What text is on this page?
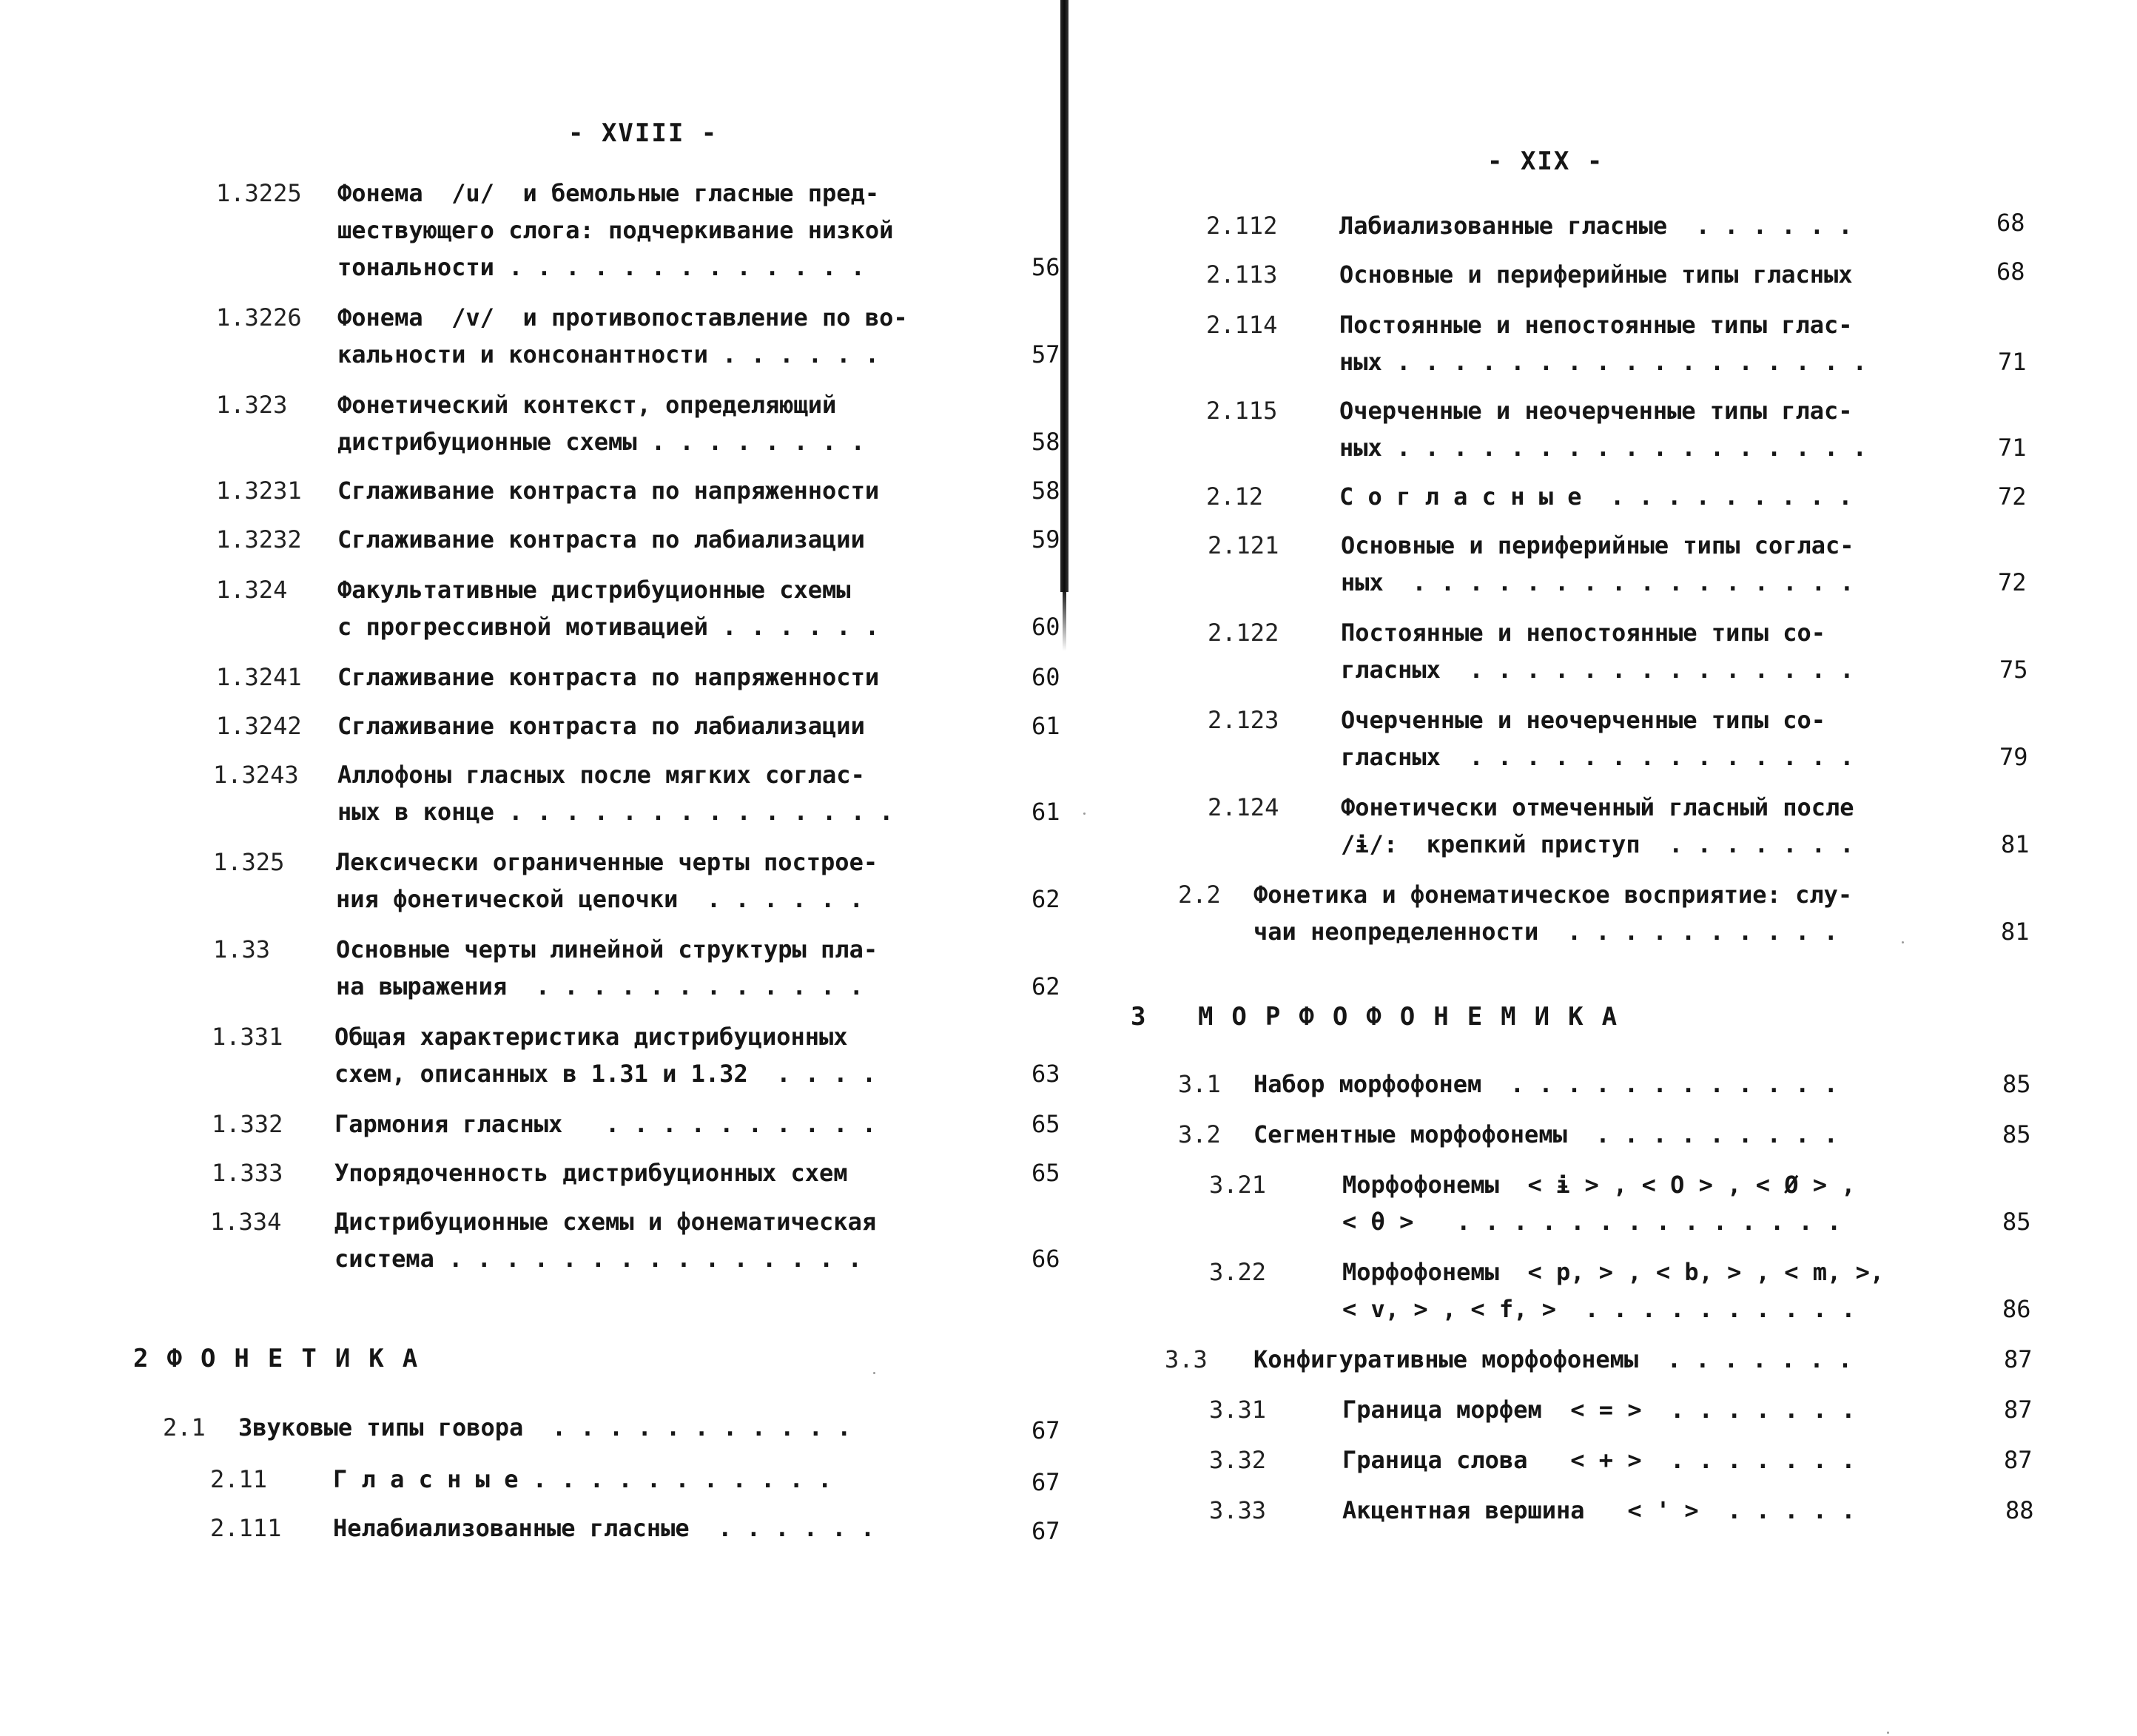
- XVIII -
1.3225 Фонема  /u/  и бемольные гласные пред-
шествующего слога: подчеркивание низкой
тональности . . . . . . . . . . . . .	56
1.3226 Фонема  /v/  и противопоставление по во-
кальности и консонантности . . . . . .	57
1.323 Фонетический контекст, определяющий
дистрибуционные схемы . . . . . . . .	58
1.3231 Сглаживание контраста по напряженности	58
1.3232 Сглаживание контраста по лабиализации	59
1.324 Факультативные дистрибуционные схемы
с прогрессивной мотивацией . . . . . .	60
1.3241 Сглаживание контраста по напряженности	60
1.3242 Сглаживание контраста по лабиализации	61
1.3243 Аллофоны гласных после мягких соглас-
ных в конце . . . . . . . . . . . . . .	61
1.325 Лексически ограниченные черты построе-
ния фонетической цепочки  . . . . . .	62
1.33	Основные черты линейной структуры пла-
на выражения  . . . . . . . . . . . .	62
1.331 Общая характеристика дистрибуционных
схем, описанных в 1.31 и 1.32  . . . .	63
1.332 Гармония гласных   . . . . . . . . . .	65
1.333 Упорядоченность дистрибуционных схем	65
1.334 Дистрибуционные схемы и фонематическая
система . . . . . . . . . . . . . . .	66
2ФОНЕТИКА
2.1 Звуковые типы говора  . . . . . . . . . . .	67
2.11	Г л а с н ы е . . . . . . . . . . .	67
2.111 Нелабиализованные гласные  . . . . . .	67
- XIX -
2.112	Лабиализованные гласные  . . . . . .	68
2.113	Основные и периферийные типы гласных	68
2.114	Постоянные и непостоянные типы глас-
ных . . . . . . . . . . . . . . . . .	71
2.115	Очерченные и неочерченные типы глас-
ных . . . . . . . . . . . . . . . . .	71
2.12	С о г л а с н ы е  . . . . . . . . .	72
2.121	Основные и периферийные типы соглас-
ных  . . . . . . . . . . . . . . . .	72
2.122	Постоянные и непостоянные типы со-
гласных  . . . . . . . . . . . . . .	75
2.123	Очерченные и неочерченные типы со-
гласных  . . . . . . . . . . . . . .	79
2.124	Фонетически отмеченный гласный после
/ɨ/:  крепкий приступ  . . . . . . .	81
2.2 Фонетика и фонематическое восприятие: слу-
чаи неопределенности  . . . . . . . . . .	81
3 МОРФОФОНЕМИКА
3.1 Набор морфофонем  . . . . . . . . . . . .	85
3.2 Сегментные морфофонемы  . . . . . . . . .	85
3.21	Морфофонемы  < ɨ > , < O > , < Ø > ,
< θ >   . . . . . . . . . . . . . .	85
3.22	Морфофонемы  < p, > , < b, > , < m, >,
< v, > , < f, >  . . . . . . . . . .	86
3.3 Конфигуративные морфофонемы  . . . . . . .	87
3.31	Граница морфем  < = >  . . . . . . .	87
3.32	Граница слова   < + >  . . . . . . .	87
3.33	Акцентная вершина   < ' >  . . . . .	88
